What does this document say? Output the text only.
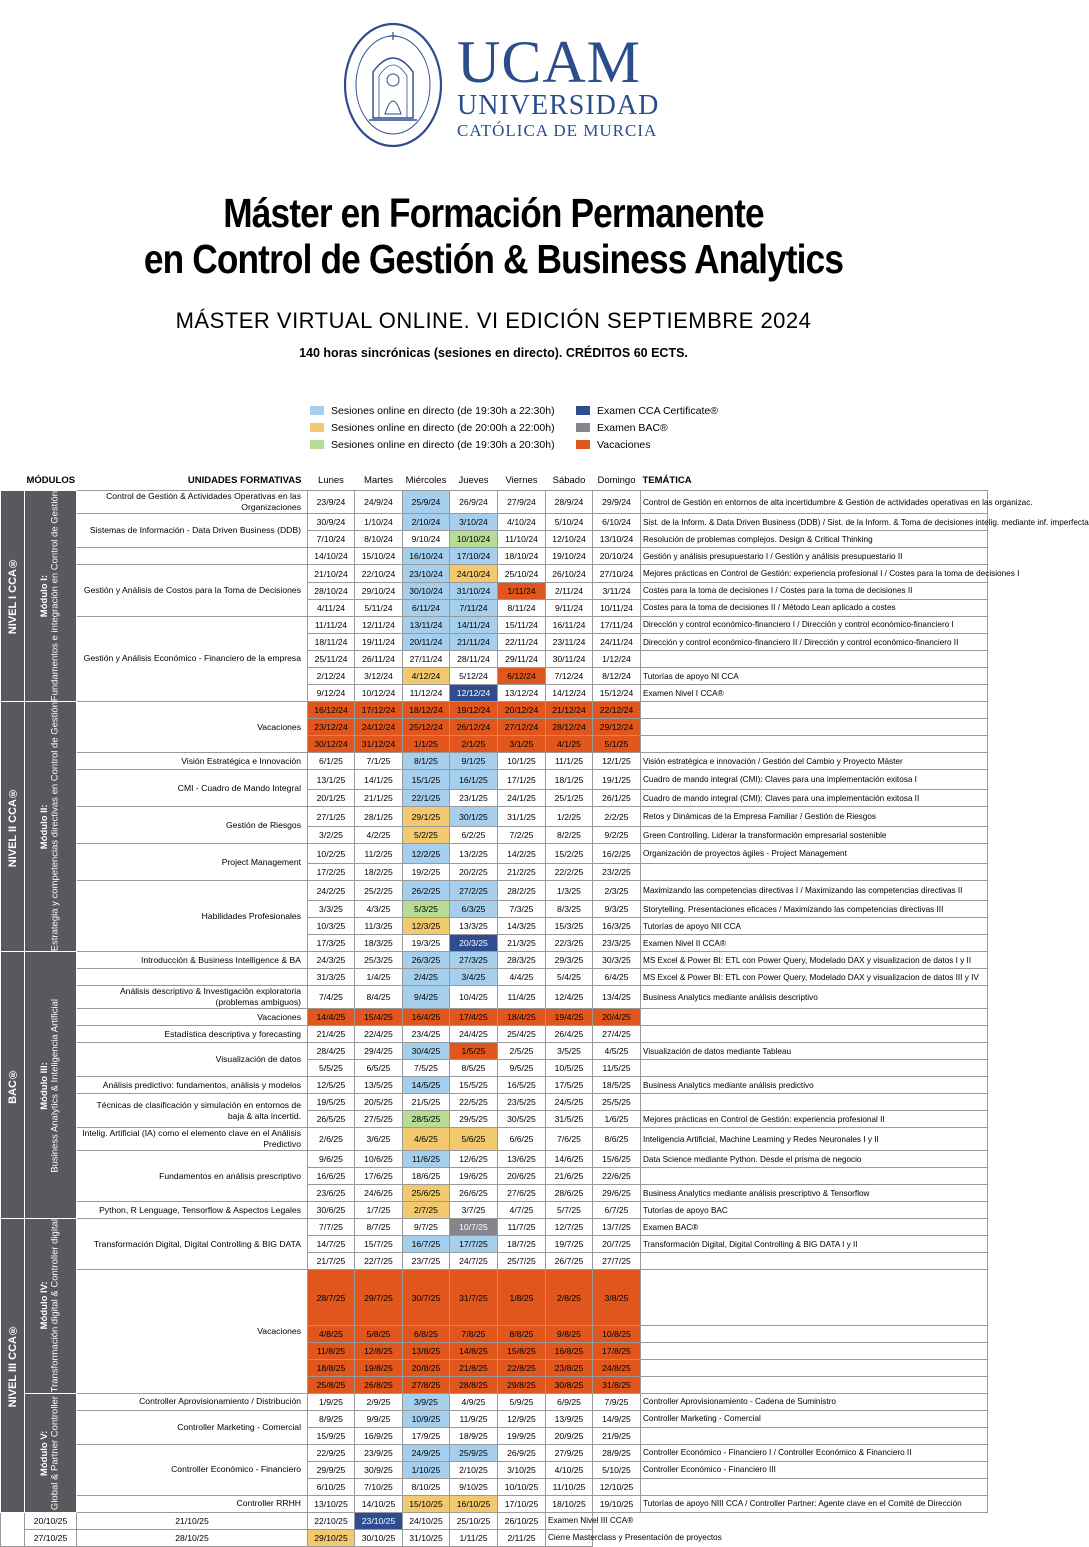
UCAM
UNIVERSIDAD
CATÓLICA DE MURCIA
Máster en Formación Permanente
en Control de Gestión & Business Analytics
MÁSTER VIRTUAL ONLINE. VI EDICIÓN SEPTIEMBRE 2024
140 horas sincrónicas (sesiones en directo). CRÉDITOS 60 ECTS.
Sesiones online en directo (de 19:30h a 22:30h)
Sesiones online en directo (de 20:00h a 22:00h)
Sesiones online en directo (de 19:30h a 20:30h)
Examen CCA Certificate®
Examen BAC®
Vacaciones
MÓDULOS		UNIDADES FORMATIVAS	Lunes	Martes	Miércoles	Jueves	Viernes	Sábado	Domingo	TEMÁTICA

NIVEL I CCA®	Módulo I:
Fundamentos e integración en Control de Gestión	Control de Gestión & Actividades Operativas en las Organizaciones	23/9/24	24/9/24	25/9/24	26/9/24	27/9/24	28/9/24	29/9/24	Control de Gestión en entornos de alta incertidumbre & Gestión de actividades operativas en las organizac.
		Sistemas de Información - Data Driven Business (DDB)	30/9/24	1/10/24	2/10/24	3/10/24	4/10/24	5/10/24	6/10/24	Sist. de la Inform. & Data Driven Business (DDB) / Sist. de la Inform. & Toma de decisiones intelig. mediante inf. imperfecta
			7/10/24	8/10/24	9/10/24	10/10/24	11/10/24	12/10/24	13/10/24	Resolución de problemas complejos. Design & Critical Thinking
			14/10/24	15/10/24	16/10/24	17/10/24	18/10/24	19/10/24	20/10/24	Gestión y análisis presupuestario I / Gestión y análisis presupuestario II
		Gestión y Análisis de Costos para la Toma de Decisiones	21/10/24	22/10/24	23/10/24	24/10/24	25/10/24	26/10/24	27/10/24	Mejores prácticas en Control de Gestión: experiencia profesional I / Costes para la toma de decisiones I
			28/10/24	29/10/24	30/10/24	31/10/24	1/11/24	2/11/24	3/11/24	Costes para la toma de decisiones I / Costes para la toma de decisiones II
			4/11/24	5/11/24	6/11/24	7/11/24	8/11/24	9/11/24	10/11/24	Costes para la toma de decisiones II / Método Lean aplicado a costes
		Gestión y Análisis Económico - Financiero de la empresa	11/11/24	12/11/24	13/11/24	14/11/24	15/11/24	16/11/24	17/11/24	Dirección y control económico-financiero I / Dirección y control económico-financiero I
			18/11/24	19/11/24	20/11/24	21/11/24	22/11/24	23/11/24	24/11/24	Dirección y control económico-financiero II / Dirección y control económico-financiero II
			25/11/24	26/11/24	27/11/24	28/11/24	29/11/24	30/11/24	1/12/24	
			2/12/24	3/12/24	4/12/24	5/12/24	6/12/24	7/12/24	8/12/24	Tutorías de apoyo NI CCA
			9/12/24	10/12/24	11/12/24	12/12/24	13/12/24	14/12/24	15/12/24	Examen Nivel I CCA®

NIVEL II CCA®	Módulo II:
Estrategia y competencias directivas en Control de Gestión	Vacaciones	16/12/24	17/12/24	18/12/24	19/12/24	20/12/24	21/12/24	22/12/24	
			23/12/24	24/12/24	25/12/24	26/12/24	27/12/24	28/12/24	29/12/24	
			30/12/24	31/12/24	1/1/25	2/1/25	3/1/25	4/1/25	5/1/25	
		Visión Estratégica e Innovación	6/1/25	7/1/25	8/1/25	9/1/25	10/1/25	11/1/25	12/1/25	Visión estratégica e innovación / Gestión del Cambio y Proyecto Máster
		CMI - Cuadro de Mando Integral	13/1/25	14/1/25	15/1/25	16/1/25	17/1/25	18/1/25	19/1/25	Cuadro de mando integral (CMI): Claves para una implementación exitosa I
			20/1/25	21/1/25	22/1/25	23/1/25	24/1/25	25/1/25	26/1/25	Cuadro de mando integral (CMI): Claves para una implementación exitosa II
		Gestión de Riesgos	27/1/25	28/1/25	29/1/25	30/1/25	31/1/25	1/2/25	2/2/25	Retos y Dinámicas de la Empresa Familiar / Gestión de Riesgos
			3/2/25	4/2/25	5/2/25	6/2/25	7/2/25	8/2/25	9/2/25	Green Controlling. Liderar la transformación empresarial sostenible
		Project Management	10/2/25	11/2/25	12/2/25	13/2/25	14/2/25	15/2/25	16/2/25	Organización de proyectos ágiles - Project Management
			17/2/25	18/2/25	19/2/25	20/2/25	21/2/25	22/2/25	23/2/25	
		Habilidades Profesionales	24/2/25	25/2/25	26/2/25	27/2/25	28/2/25	1/3/25	2/3/25	Maximizando las competencias directivas I / Maximizando las competencias directivas II
			3/3/25	4/3/25	5/3/25	6/3/25	7/3/25	8/3/25	9/3/25	Storytelling. Presentaciones eficaces / Maximizando las competencias directivas III
			10/3/25	11/3/25	12/3/25	13/3/25	14/3/25	15/3/25	16/3/25	Tutorías de apoyo NII CCA
			17/3/25	18/3/25	19/3/25	20/3/25	21/3/25	22/3/25	23/3/25	Examen Nivel II CCA®

BAC®	Módulo III:
Business Analytics & Inteligencia Artificial	Introducción & Business Intelligence & BA	24/3/25	25/3/25	26/3/25	27/3/25	28/3/25	29/3/25	30/3/25	MS Excel & Power BI: ETL con Power Query, Modelado DAX y visualizacion de datos I y II
			31/3/25	1/4/25	2/4/25	3/4/25	4/4/25	5/4/25	6/4/25	MS Excel & Power BI: ETL con Power Query, Modelado DAX y visualizacion de datos III y IV
		Análisis descriptivo & Investigación exploratoria (problemas ambiguos)	7/4/25	8/4/25	9/4/25	10/4/25	11/4/25	12/4/25	13/4/25	Business Analytics mediante análisis descriptivo
		Vacaciones	14/4/25	15/4/25	16/4/25	17/4/25	18/4/25	19/4/25	20/4/25	
		Estadística descriptiva y forecasting	21/4/25	22/4/25	23/4/25	24/4/25	25/4/25	26/4/25	27/4/25	
		Visualización de datos	28/4/25	29/4/25	30/4/25	1/5/25	2/5/25	3/5/25	4/5/25	Visualización de datos mediante Tableau
			5/5/25	6/5/25	7/5/25	8/5/25	9/5/25	10/5/25	11/5/25	
		Análisis predictivo: fundamentos, análisis y modelos	12/5/25	13/5/25	14/5/25	15/5/25	16/5/25	17/5/25	18/5/25	Business Analytics mediante análisis predictivo
		Técnicas de clasificación y simulación en entornos de baja & alta incertid.	19/5/25	20/5/25	21/5/25	22/5/25	23/5/25	24/5/25	25/5/25	
			26/5/25	27/5/25	28/5/25	29/5/25	30/5/25	31/5/25	1/6/25	Mejores prácticas en Control de Gestión: experiencia profesional II
		Intelig. Artificial (IA) como el elemento clave en el Análisis Predictivo	2/6/25	3/6/25	4/6/25	5/6/25	6/6/25	7/6/25	8/6/25	Inteligencia Artificial, Machine Learning y Redes Neuronales I y II
		Fundamentos en análisis prescriptivo	9/6/25	10/6/25	11/6/25	12/6/25	13/6/25	14/6/25	15/6/25	Data Science mediante Python. Desde el prisma de negocio
			16/6/25	17/6/25	18/6/25	19/6/25	20/6/25	21/6/25	22/6/25	
			23/6/25	24/6/25	25/6/25	26/6/25	27/6/25	28/6/25	29/6/25	Business Analytics mediante análisis prescriptivo & Tensorflow
		Python, R Lenguage, Tensorflow & Aspectos Legales	30/6/25	1/7/25	2/7/25	3/7/25	4/7/25	5/7/25	6/7/25	Tutorías de apoyo BAC

NIVEL III CCA®	Módulo IV:
Transformación digital & Controller digital	Transformación Digital, Digital Controlling & BIG DATA	7/7/25	8/7/25	9/7/25	10/7/25	11/7/25	12/7/25	13/7/25	Examen BAC®
			14/7/25	15/7/25	16/7/25	17/7/25	18/7/25	19/7/25	20/7/25	Transformación Digital, Digital Controlling & BIG DATA I y II
			21/7/25	22/7/25	23/7/25	24/7/25	25/7/25	26/7/25	27/7/25	
		Vacaciones	28/7/25	29/7/25	30/7/25	31/7/25	1/8/25	2/8/25	3/8/25	
			4/8/25	5/8/25	6/8/25	7/8/25	8/8/25	9/8/25	10/8/25	
			11/8/25	12/8/25	13/8/25	14/8/25	15/8/25	16/8/25	17/8/25	
			18/8/25	19/8/25	20/8/25	21/8/25	22/8/25	23/8/25	24/8/25	
			25/8/25	26/8/25	27/8/25	28/8/25	29/8/25	30/8/25	31/8/25	

	Módulo V:
Global & Partner Controller	Controller Aprovisionamiento / Distribución	1/9/25	2/9/25	3/9/25	4/9/25	5/9/25	6/9/25	7/9/25	Controller Aprovisionamiento - Cadena de Suministro
		Controller Marketing - Comercial	8/9/25	9/9/25	10/9/25	11/9/25	12/9/25	13/9/25	14/9/25	Controller Marketing - Comercial
			15/9/25	16/9/25	17/9/25	18/9/25	19/9/25	20/9/25	21/9/25	
		Controller Económico - Financiero	22/9/25	23/9/25	24/9/25	25/9/25	26/9/25	27/9/25	28/9/25	Controller Económico - Financiero I / Controller Económico & Financiero II
			29/9/25	30/9/25	1/10/25	2/10/25	3/10/25	4/10/25	5/10/25	Controller Económico - Financiero III
			6/10/25	7/10/25	8/10/25	9/10/25	10/10/25	11/10/25	12/10/25	
		Controller RRHH	13/10/25	14/10/25	15/10/25	16/10/25	17/10/25	18/10/25	19/10/25	Tutorías de apoyo NIII CCA / Controller Partner: Agente clave en el Comité de Dirección
	20/10/25	21/10/25	22/10/25	23/10/25	24/10/25	25/10/25	26/10/25	Examen Nivel III CCA®		
	27/10/25	28/10/25	29/10/25	30/10/25	31/10/25	1/11/25	2/11/25	Cierre Masterclass y Presentación de proyectos		
